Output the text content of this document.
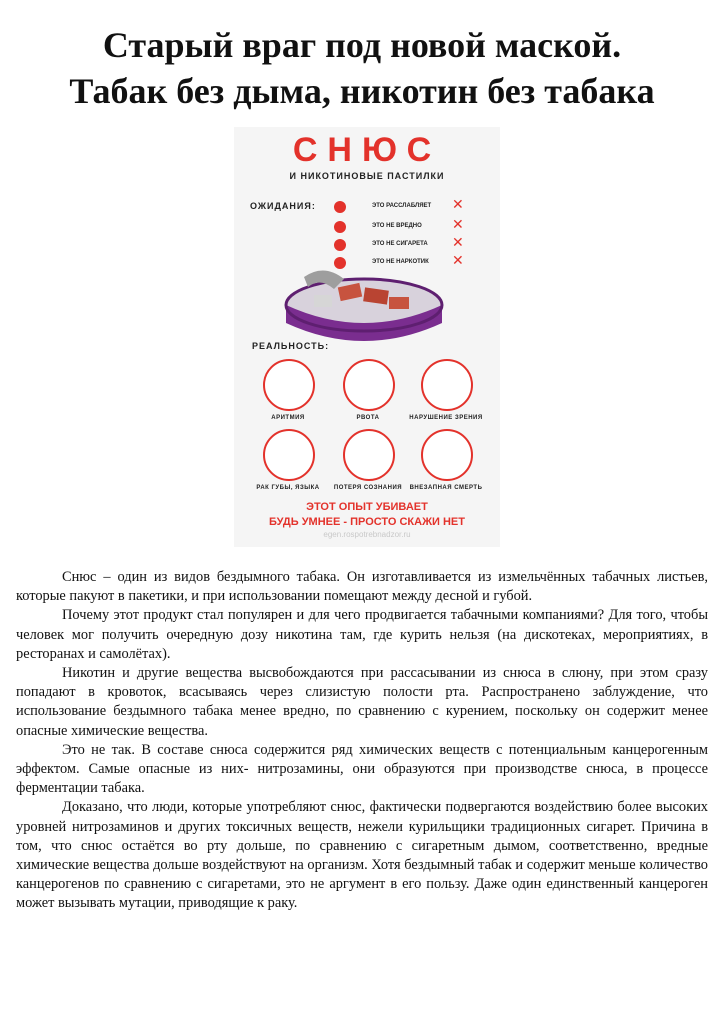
Старый враг под новой маской.
Табак без дыма, никотин без табака
СНЮС
И НИКОТИНОВЫЕ ПАСТИЛКИ
ОЖИДАНИЯ:	ЭТО РАССЛАБЛЯЕТ ✕
ЭТО НЕ ВРЕДНО ✕
ЭТО НЕ СИГАРЕТА ✕
ЭТО НЕ НАРКОТИК ✕
РЕАЛЬНОСТЬ:
АРИТМИЯ	РВОТА	НАРУШЕНИЕ ЗРЕНИЯ
РАК ГУБЫ, ЯЗЫКА	ПОТЕРЯ СОЗНАНИЯ	ВНЕЗАПНАЯ СМЕРТЬ
ЭТОТ ОПЫТ УБИВАЕТ
БУДЬ УМНЕЕ - ПРОСТО СКАЖИ НЕТ
egen.rospotrebnadzor.ru

Снюс – один из видов бездымного табака. Он изготавливается из измельчённых табачных листьев, которые пакуют в пакетики, и при использовании помещают между десной и губой.

Почему этот продукт стал популярен и для чего продвигается табачными компаниями? Для того, чтобы человек мог получить очередную дозу никотина там, где курить нельзя (на дискотеках, мероприятиях, в ресторанах и самолётах).

Никотин и другие вещества высвобождаются при рассасывании из снюса в слюну, при этом сразу попадают в кровоток, всасываясь через слизистую полости рта. Распространено заблуждение, что использование бездымного табака менее вредно, по сравнению с курением, поскольку он содержит менее опасные химические вещества.

Это не так. В составе снюса содержится ряд химических веществ с потенциальным канцерогенным эффектом. Самые опасные из них- нитрозамины, они образуются при производстве снюса, в процессе ферментации табака.

Доказано, что люди, которые употребляют снюс, фактически подвергаются воздействию более высоких уровней нитрозаминов и других токсичных веществ, нежели курильщики традиционных сигарет. Причина в том, что снюс остаётся во рту дольше, по сравнению с сигаретным дымом, соответственно, вредные химические вещества дольше воздействуют на организм. Хотя бездымный табак и содержит меньше количество канцерогенов по сравнению с сигаретами, это не аргумент в его пользу. Даже один единственный канцероген может вызывать мутации, приводящие к раку.
